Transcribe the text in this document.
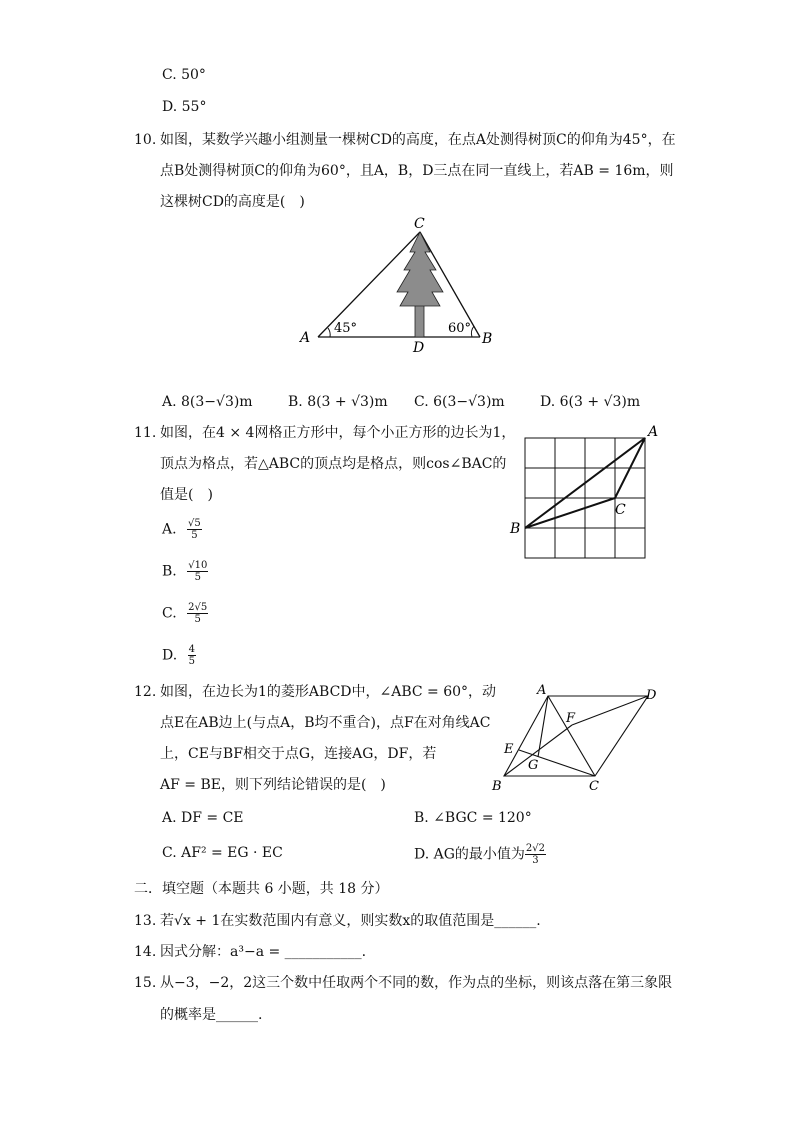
C. 50°
D. 55°
10. 如图，某数学兴趣小组测量一棵树CD的高度，在点A处测得树顶C的仰角为45°，在
点B处测得树顶C的仰角为60°，且A，B，D三点在同一直线上，若AB = 16m，则
这棵树CD的高度是(　)
C
A	B
D
45°	60°
A. 8(3−√3)m	B. 8(3 + √3)m C. 6(3−√3)m	D. 6(3 + √3)m
11. 如图，在4 × 4网格正方形中，每个小正方形的边长为1，
顶点为格点，若△ABC的顶点均是格点，则cos∠BAC的
值是(　)
A
B
C
A. $\frac{√5}{5}$
B. $\frac{√10}{5}$
C. $\frac{2√5}{5}$
D. $\frac{4}{5}$
12. 如图，在边长为1的菱形ABCD中，∠ABC = 60°，动
点E在AB边上(与点A，B均不重合)，点F在对角线AC
上，CE与BF相交于点G，连接AG，DF，若
AF = BE，则下列结论错误的是(　)
A	D
B	C
E
F
G
A. DF = CE	B. ∠BGC = 120°
C. AF² = EG · EC	D. AG的最小值为 $\frac{2√2}{3}$
二．填空题（本题共 6 小题，共 18 分）
13. 若√x + 1在实数范围内有意义，则实数x的取值范围是______.
14. 因式分解：a³−a = ___________.
15. 从−3，−2，2这三个数中任取两个不同的数，作为点的坐标，则该点落在第三象限
的概率是______.
